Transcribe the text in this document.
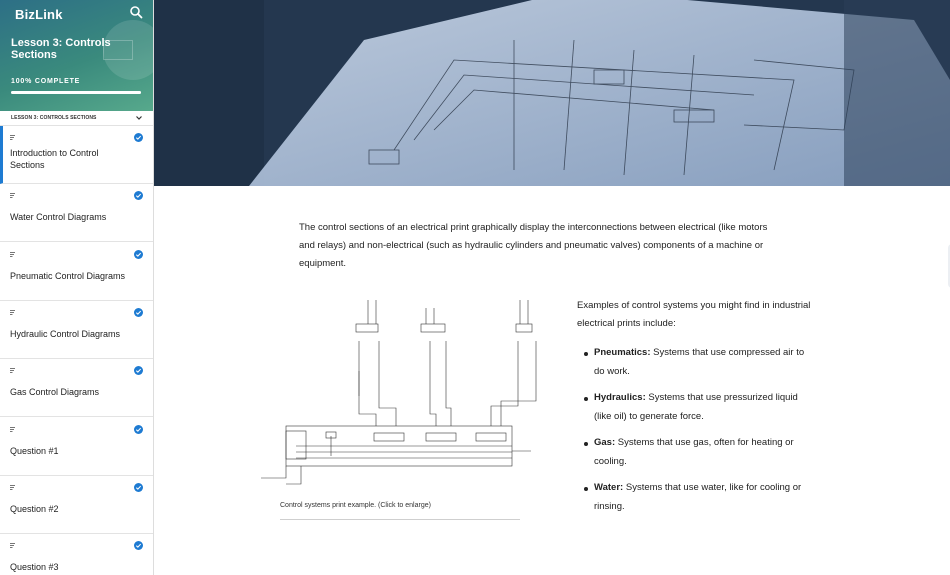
BizLink
Lesson 3: Controls Sections
100% COMPLETE
LESSON 3: CONTROLS SECTIONS
Introduction to Control Sections
Water Control Diagrams
Pneumatic Control Diagrams
Hydraulic Control Diagrams
Gas Control Diagrams
Question #1
Question #2
Question #3

The control sections of an electrical print graphically display the interconnections between electrical (like motors and relays) and non-electrical (such as hydraulic cylinders and pneumatic valves) components of a machine or equipment.

Control systems print example. (Click to enlarge)

Examples of control systems you might find in industrial electrical prints include:

Pneumatics: Systems that use compressed air to do work.
Hydraulics: Systems that use pressurized liquid (like oil) to generate force.
Gas: Systems that use gas, often for heating or cooling.
Water: Systems that use water, like for cooling or rinsing.
